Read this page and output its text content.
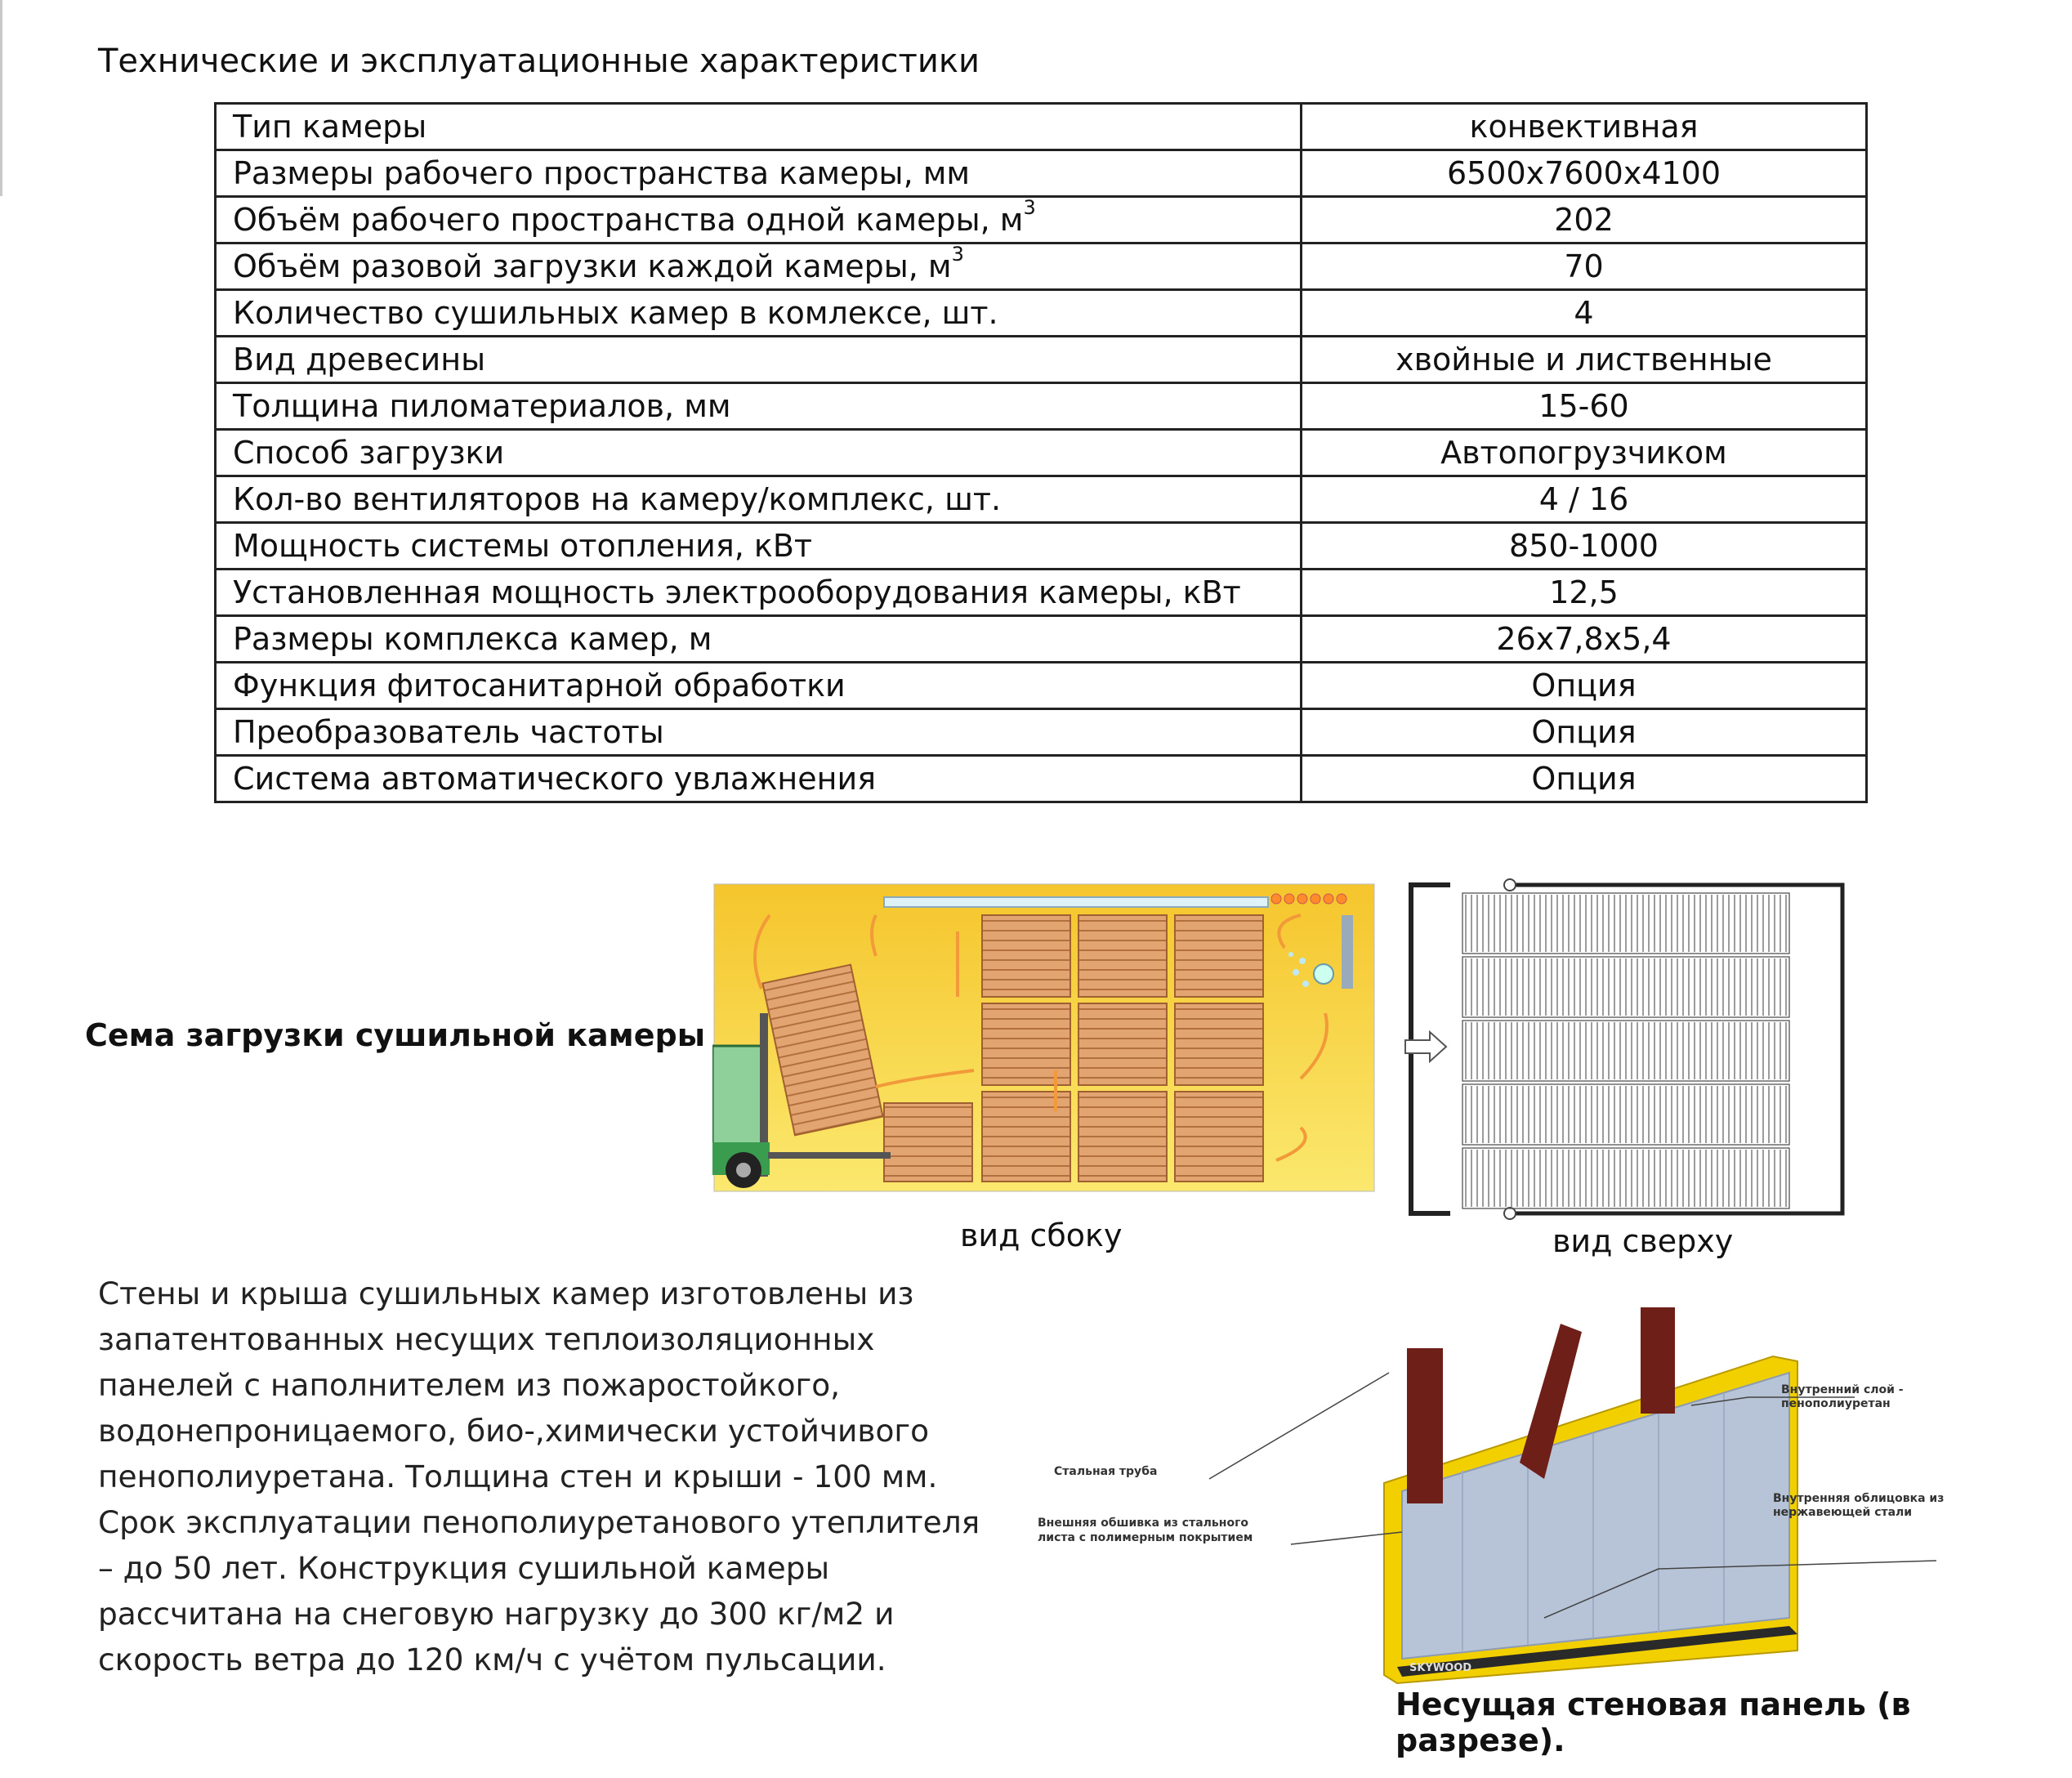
Технические и эксплуатационные характеристики
Тип камеры	конвективная
Размеры рабочего пространства камеры, мм	6500x7600x4100
Объём рабочего пространства одной камеры, $м^3$	202
Объём разовой загрузки каждой камеры, $м^3$	70
Количество сушильных камер в комлексе, шт.	4
Вид древесины	хвойные и лиственные
Толщина пиломатериалов, мм	15-60
Способ загрузки	Автопогрузчиком
Кол-во вентиляторов на камеру/комплекс, шт.	4 / 16
Мощность системы отопления, кВт	850-1000
Установленная мощность электрооборудования камеры, кВт	12,5
Размеры комплекса камер, м	26x7,8x5,4
Функция фитосанитарной обработки	Опция
Преобразователь частоты	Опция
Система автоматического увлажнения	Опция
Сема загрузки сушильной камеры
вид сбоку	вид сверху
Стены и крыша сушильных камер изготовлены из
запатентованных несущих теплоизоляционных
панелей с наполнителем из пожаростойкого,
водонепроницаемого, био-,химически устойчивого
пенополиуретана. Толщина стен и крыши - 100 мм.
Срок эксплуатации пенополиуретанового утеплителя
– до 50 лет. Конструкция сушильной камеры
рассчитана на снеговую нагрузку до 300 кг/м2 и
скорость ветра до 120 км/ч с учётом пульсации.	SKYWOOD
Стальная труба
Внешняя обшивка из стального
листа с полимерным покрытием
Внутренний слой -
пенополиуретан
Внутренняя облицовка из
нержавеющей стали
Несущая стеновая панель (в разрезе).
